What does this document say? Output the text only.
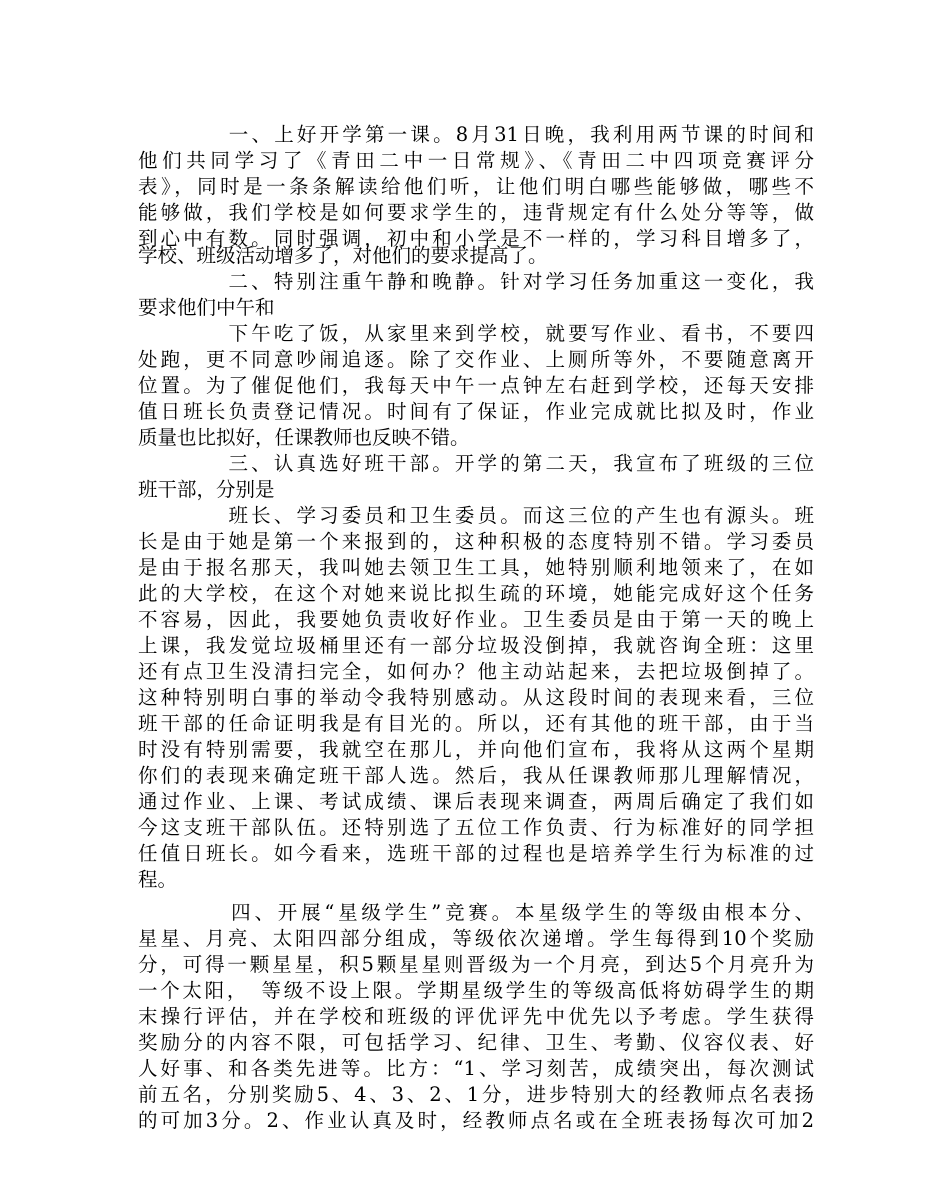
　　　　一、上好开学第一课。8月31日晚，我利用两节课的时间和
他们共同学习了《青田二中一日常规》、《青田二中四项竞赛评分
表》，同时是一条条解读给他们听，让他们明白哪些能够做，哪些不
能够做，我们学校是如何要求学生的，违背规定有什么处分等等，做
到心中有数。同时强调，初中和小学是不一样的，学习科目增多了，
学校、班级活动增多了，对他们的要求提高了。
　　　　二、特别注重午静和晚静。针对学习任务加重这一变化，我
要求他们中午和
　　　　下午吃了饭，从家里来到学校，就要写作业、看书，不要四
处跑，更不同意吵闹追逐。除了交作业、上厕所等外，不要随意离开
位置。为了催促他们，我每天中午一点钟左右赶到学校，还每天安排
值日班长负责登记情况。时间有了保证，作业完成就比拟及时，作业
质量也比拟好，任课教师也反映不错。
　　　　三、认真选好班干部。开学的第二天，我宣布了班级的三位
班干部，分别是
　　　　班长、学习委员和卫生委员。而这三位的产生也有源头。班
长是由于她是第一个来报到的，这种积极的态度特别不错。学习委员
是由于报名那天，我叫她去领卫生工具，她特别顺利地领来了，在如
此的大学校，在这个对她来说比拟生疏的环境，她能完成好这个任务
不容易，因此，我要她负责收好作业。卫生委员是由于第一天的晚上
上课，我发觉垃圾桶里还有一部分垃圾没倒掉，我就咨询全班：这里
还有点卫生没清扫完全，如何办？他主动站起来，去把垃圾倒掉了。
这种特别明白事的举动令我特别感动。从这段时间的表现来看，三位
班干部的任命证明我是有目光的。所以，还有其他的班干部，由于当
时没有特别需要，我就空在那儿，并向他们宣布，我将从这两个星期
你们的表现来确定班干部人选。然后，我从任课教师那儿理解情况，
通过作业、上课、考试成绩、课后表现来调查，两周后确定了我们如
今这支班干部队伍。还特别选了五位工作负责、行为标准好的同学担
任值日班长。如今看来，选班干部的过程也是培养学生行为标准的过
程。
　　　　四、开展“星级学生”竞赛。本星级学生的等级由根本分、
星星、月亮、太阳四部分组成，等级依次递增。学生每得到10个奖励
分，可得一颗星星，积5颗星星则晋级为一个月亮，到达5个月亮升为
一个太阳，　等级不设上限。学期星级学生的等级高低将妨碍学生的期
末操行评估，并在学校和班级的评优评先中优先以予考虑。学生获得
奖励分的内容不限，可包括学习、纪律、卫生、考勤、仪容仪表、好
人好事、和各类先进等。比方：“1、学习刻苦，成绩突出，每次测试
前五名，分别奖励5、4、3、2、1分，进步特别大的经教师点名表扬
的可加3分。2、作业认真及时，经教师点名或在全班表扬每次可加2
